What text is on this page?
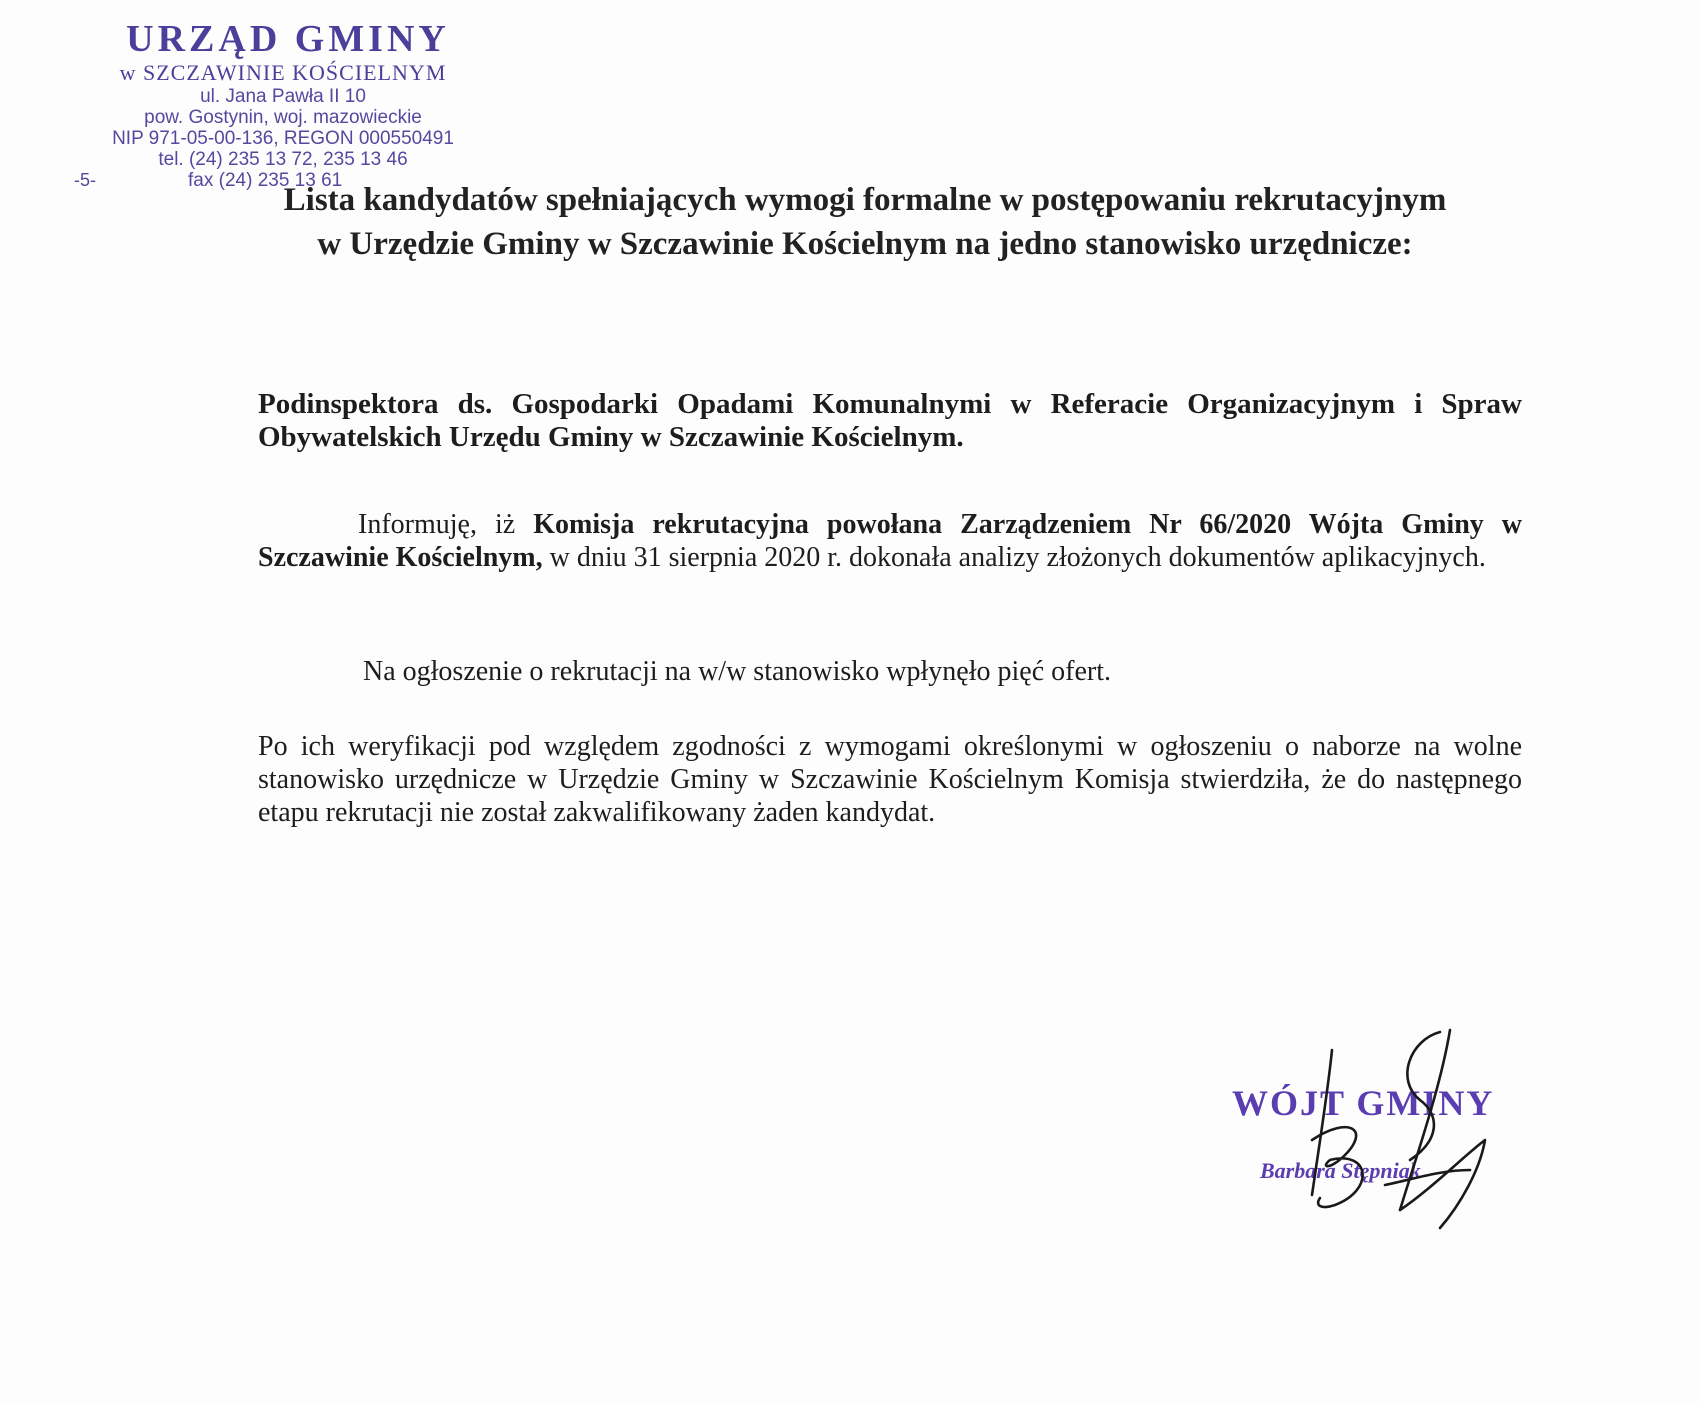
URZĄD GMINY
w SZCZAWINIE KOŚCIELNYM
ul. Jana Pawła II 10
pow. Gostynin, woj. mazowieckie
NIP 971-05-00-136, REGON 000550491
tel. (24) 235 13 72, 235 13 46
-5-	fax (24) 235 13 61
Lista kandydatów spełniających wymogi formalne w postępowaniu rekrutacyjnym w Urzędzie Gminy w Szczawinie Kościelnym na jedno stanowisko urzędnicze:

Podinspektora ds. Gospodarki Opadami Komunalnymi w Referacie Organizacyjnym i Spraw Obywatelskich Urzędu Gminy w Szczawinie Kościelnym.

Informuję, iż Komisja rekrutacyjna powołana Zarządzeniem Nr 66/2020 Wójta Gminy w Szczawinie Kościelnym, w dniu 31 sierpnia 2020 r. dokonała analizy złożonych dokumentów aplikacyjnych.

Na ogłoszenie o rekrutacji na w/w stanowisko wpłynęło pięć ofert.

Po ich weryfikacji pod względem zgodności z wymogami określonymi w ogłoszeniu o naborze na wolne stanowisko urzędnicze w Urzędzie Gminy w Szczawinie Kościelnym Komisja stwierdziła, że do następnego etapu rekrutacji nie został zakwalifikowany żaden kandydat.

WÓJT GMINY
Barbara Stępniak
